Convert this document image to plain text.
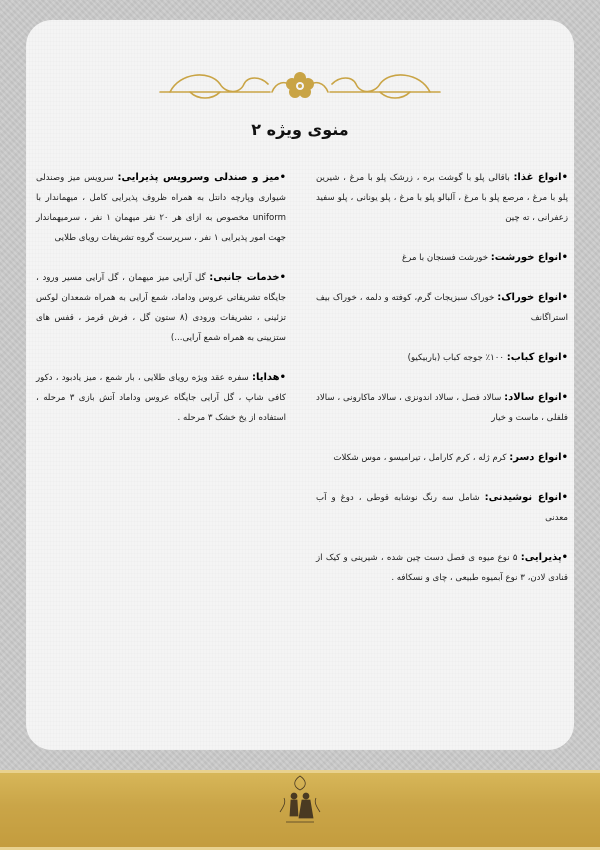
منوی ویژه ۲

•انواع غذا: باقالی پلو با گوشت بره ، زرشک پلو با مرغ ، شیرین پلو با مرغ ، مرصع پلو با مرغ ، آلبالو پلو با مرغ ، پلو یونانی ، پلو سفید زعفرانی ، ته چین

•انواع خورشت: خورشت فسنجان با مرغ

•انواع خوراک: خوراک سبزیجات گرم، کوفته و دلمه ، خوراک بیف استراگانف

•انواع کباب: ۱۰۰٪ جوجه کباب (باربیکیو)

•انواع سالاد: سالاد فصل ، سالاد اندونزی ، سالاد ماکارونی ، سالاد فلفلی ، ماست و خیار

•انواع دسر: کرم ژله ، کرم کارامل ، تیرامیسو ، موس شکلات

•انواع نوشیدنی: شامل سه رنگ نوشابه قوطی ، دوغ و آب معدنی

•پذیرایی: ۵ نوع میوه ی فصل دست چین شده ، شیرینی و کیک از قنادی لادن، ۳ نوع آبمیوه طبیعی ، چای و نسکافه .

•میز و صندلی وسرویس پذیرایی: سرویس میز وصندلی شیواری وپارچه دانتل به همراه ظروف پذیرایی کامل ، میهماندار با uniform مخصوص به ازای هر ۲۰ نفر میهمان ۱ نفر ، سرمیهماندار جهت امور پذیرایی ۱ نفر ، سرپرست گروه تشریفات رویای طلایی

•خدمات جانبی: گل آرایی میز میهمان ، گل آرایی مسیر ورود ، جایگاه تشریفاتی عروس وداماد، شمع آرایی به همراه شمعدان لوکس تزئینی ، تشریفات ورودی (۸ ستون گل ، فرش قرمز ، قفس های ستزیینی به همراه شمع آرایی...)

•هدایا: سفره عقد ویژه رویای طلایی ، بار شمع ، میز یادبود ، دکور کافی شاپ ، گل آرایی جایگاه عروس وداماد آتش بازی ۳ مرحله ، استفاده از یخ خشک ۳ مرحله .
